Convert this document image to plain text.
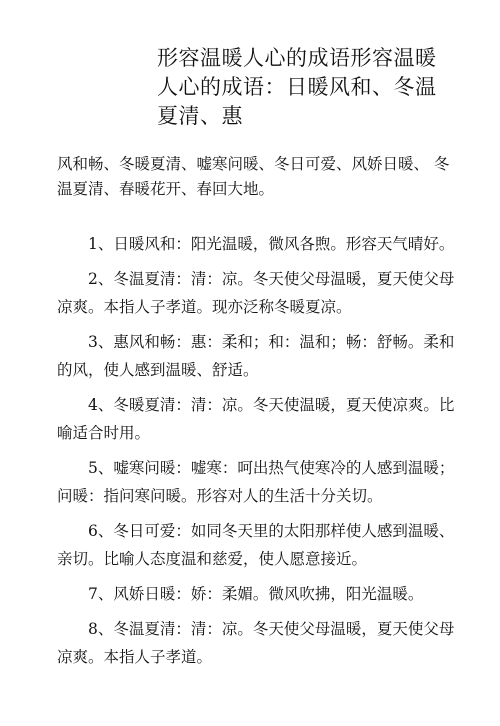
形容温暖人心的成语形容温暖人心的成语：日暖风和、冬温夏清、惠

风和畅、冬暖夏清、嘘寒问暖、冬日可爱、风娇日暖、 冬温夏清、春暖花开、春回大地。

1、日暖风和：阳光温暖，微风各煦。形容天气晴好。

2、冬温夏清：清：凉。冬天使父母温暖，夏天使父母凉爽。本指人子孝道。现亦泛称冬暖夏凉。

3、惠风和畅：惠：柔和；和：温和；畅：舒畅。柔和的风，使人感到温暖、舒适。

4、冬暖夏清：清：凉。冬天使温暖，夏天使凉爽。比喻适合时用。

5、嘘寒问暖：嘘寒：呵出热气使寒冷的人感到温暖；问暖：指问寒问暖。形容对人的生活十分关切。

6、冬日可爱：如同冬天里的太阳那样使人感到温暖、亲切。比喻人态度温和慈爱，使人愿意接近。

7、风娇日暖：娇：柔媚。微风吹拂，阳光温暖。

8、冬温夏清：清：凉。冬天使父母温暖，夏天使父母凉爽。本指人子孝道。
